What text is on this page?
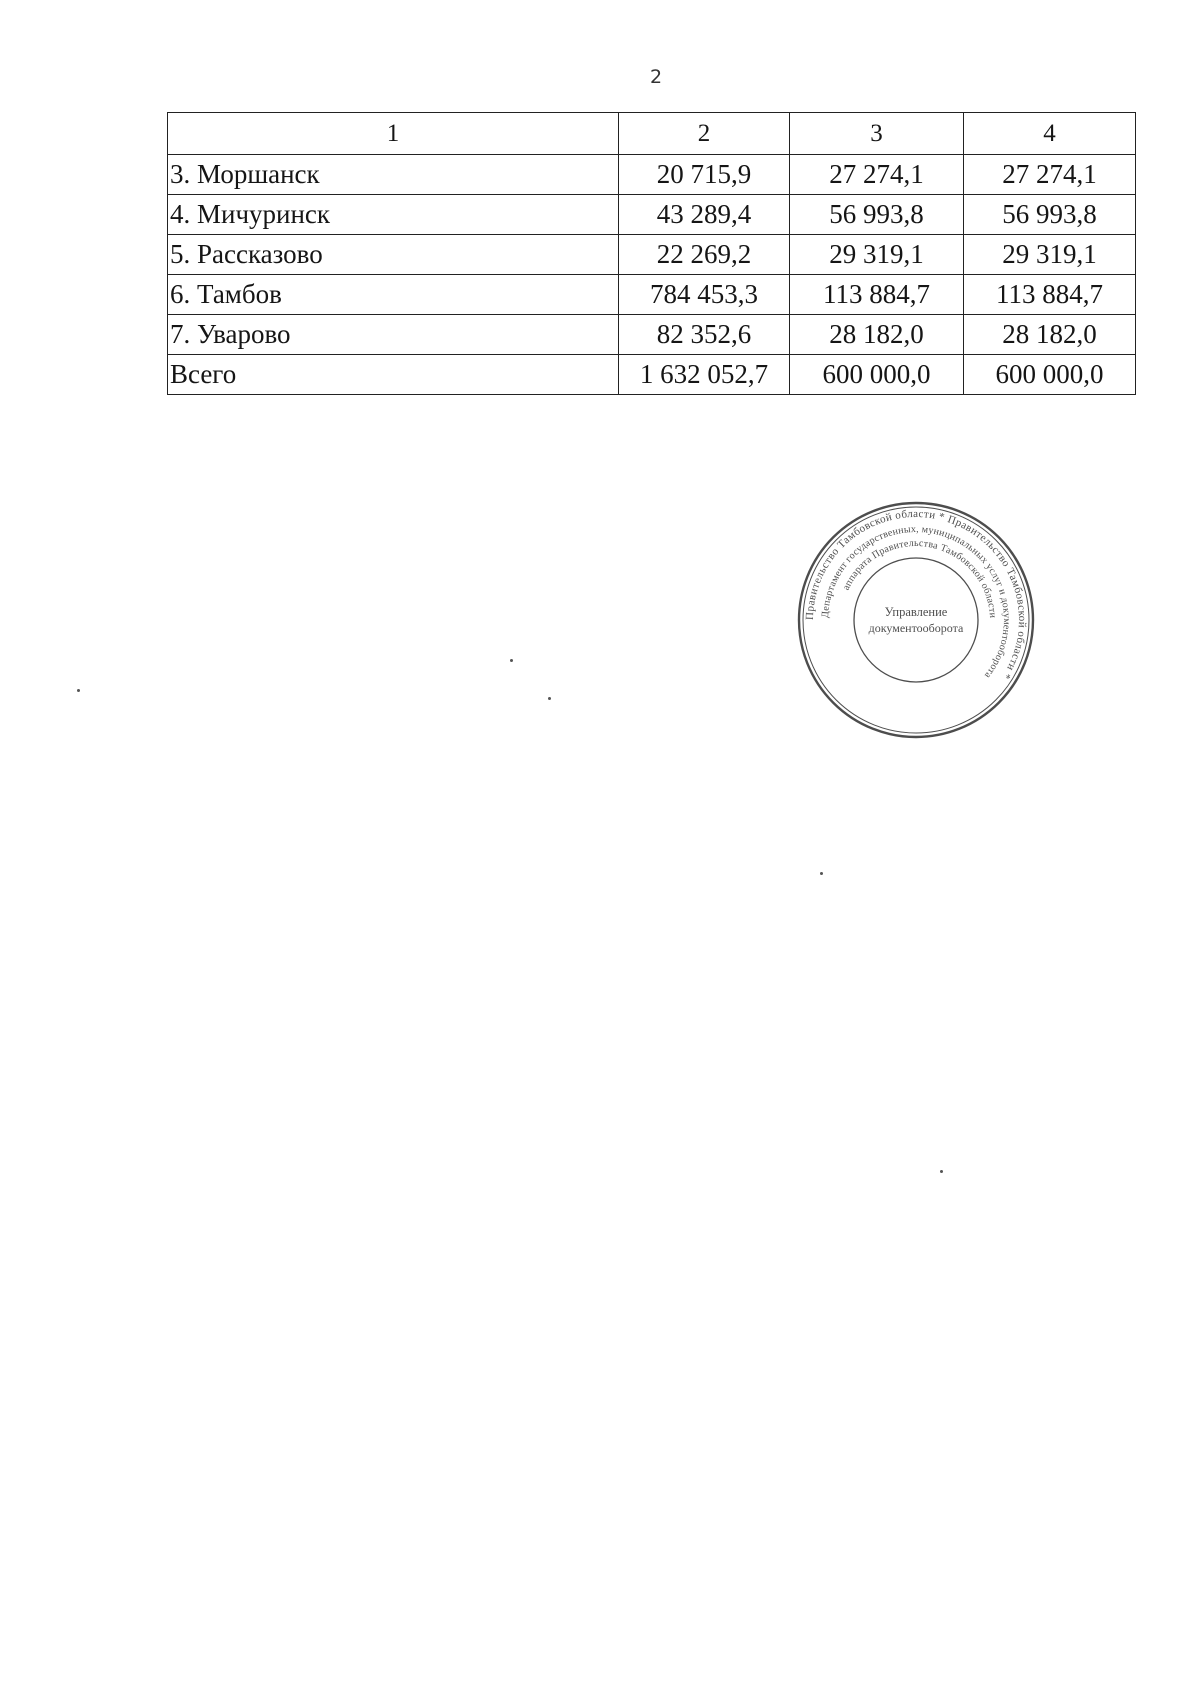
2
1	2	3	4
3. Моршанск	20 715,9	27 274,1	27 274,1
4. Мичуринск	43 289,4	56 993,8	56 993,8
5. Рассказово	22 269,2	29 319,1	29 319,1
6. Тамбов	784 453,3	113 884,7	113 884,7
7. Уварово	82 352,6	28 182,0	28 182,0
Всего	1 632 052,7	600 000,0	600 000,0
Правительство Тамбовской области * Правительство Тамбовской области *
Департамент государственных, муниципальных услуг и документооборота
аппарата Правительства Тамбовской области
Управление
документооборота
